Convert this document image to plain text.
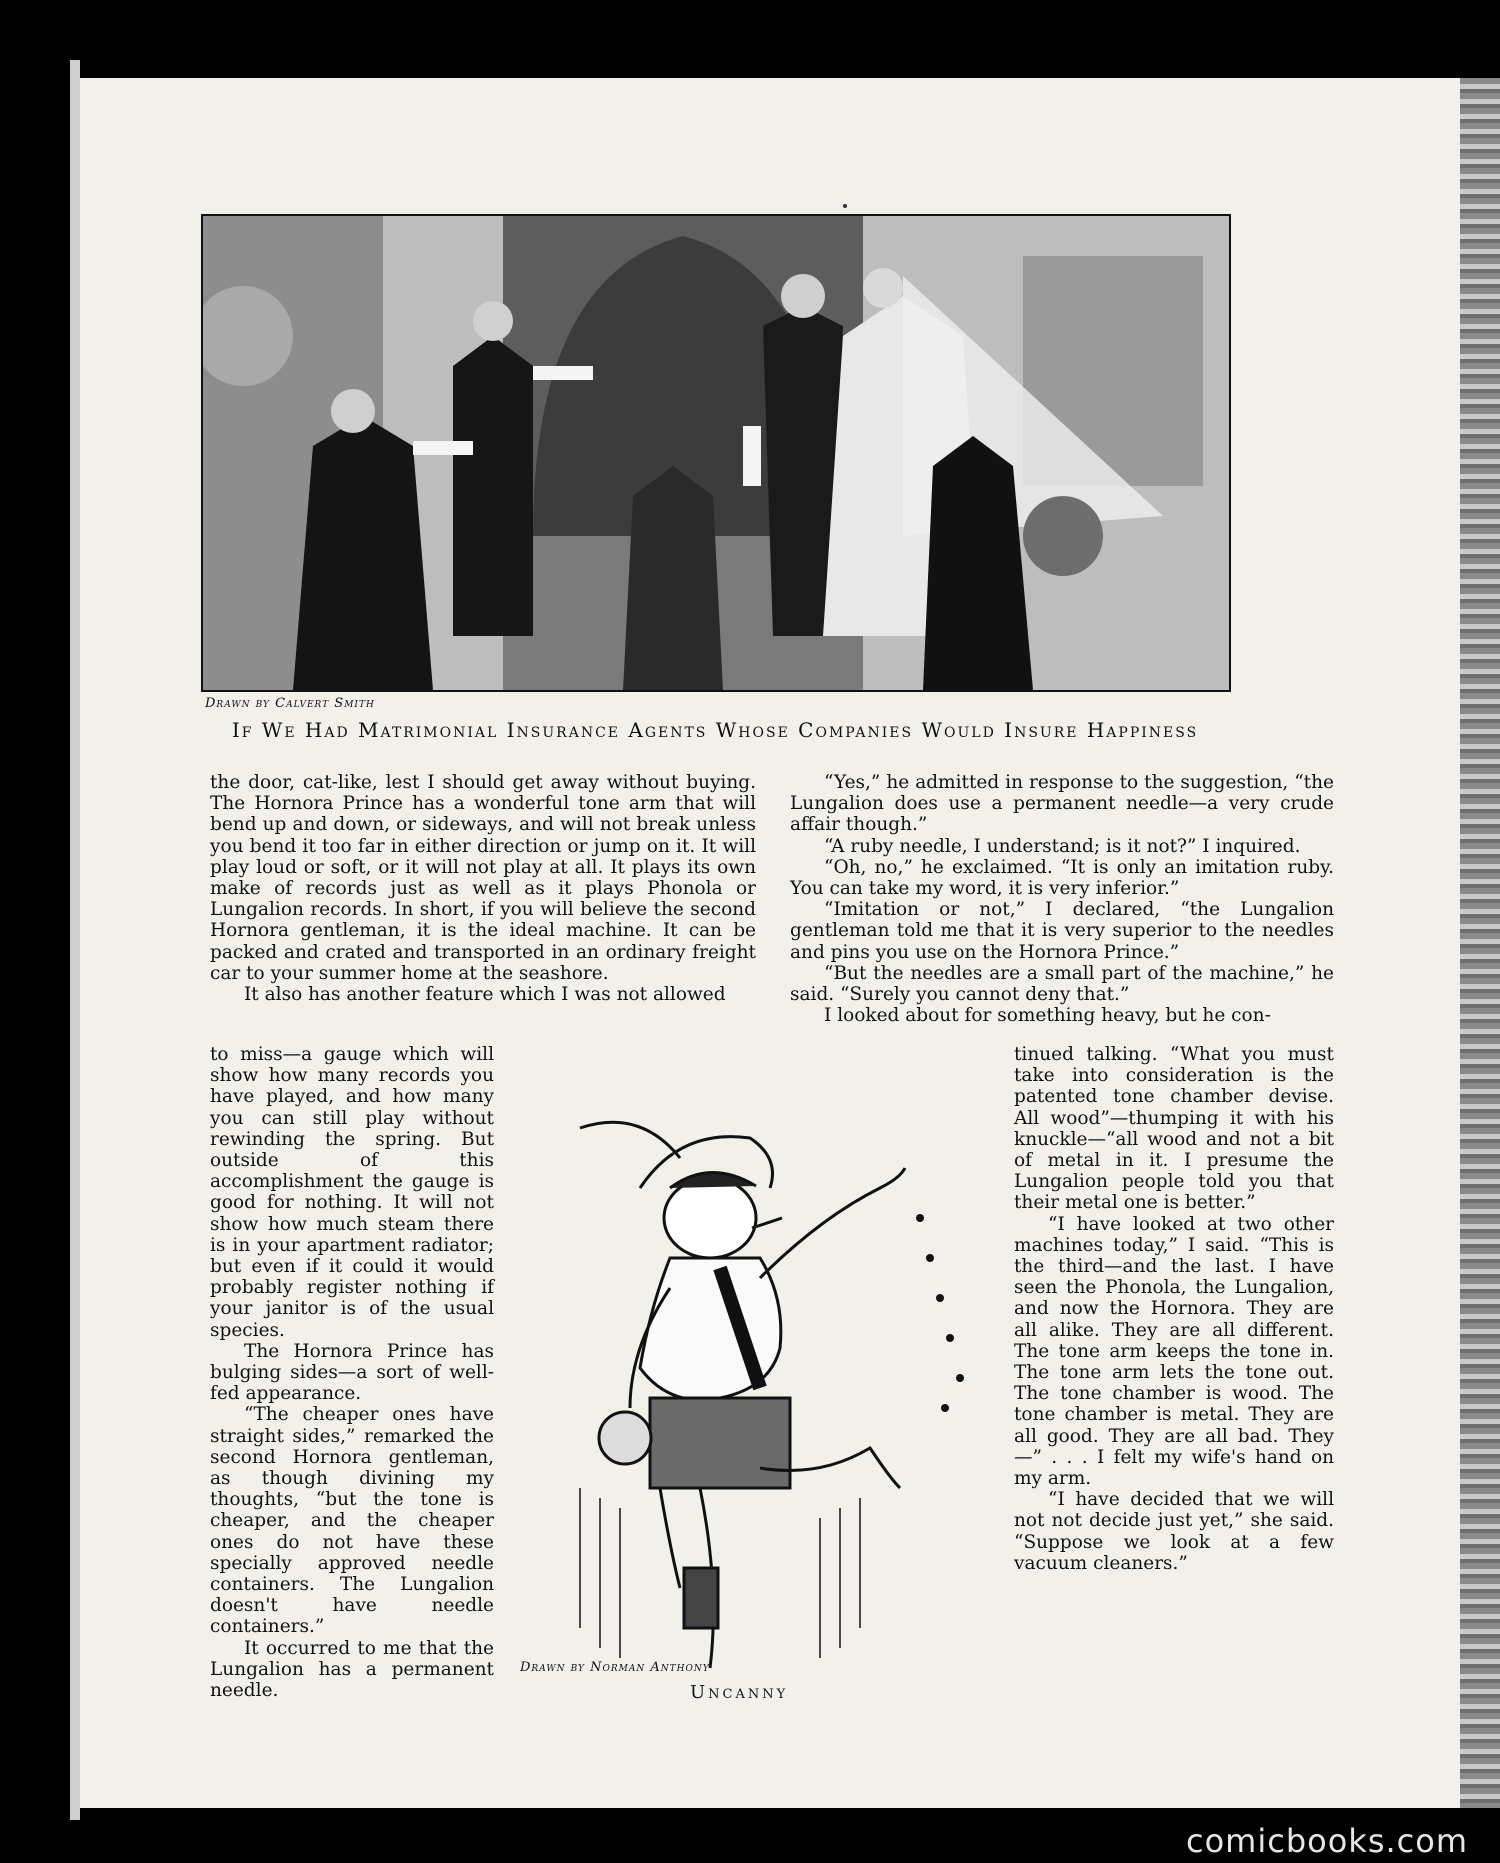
Drawn by Calvert Smith
If We Had Matrimonial Insurance Agents Whose Companies Would Insure Happiness

the door, cat-like, lest I should get away without buying. The Hornora Prince has a wonderful tone arm that will bend up and down, or sideways, and will not break unless you bend it too far in either direction or jump on it. It will play loud or soft, or it will not play at all. It plays its own make of records just as well as it plays Phonola or Lungalion records. In short, if you will believe the second Hornora gentleman, it is the ideal machine. It can be packed and crated and transported in an ordinary freight car to your summer home at the seashore.

It also has another feature which I was not allowed

to miss—a gauge which will show how many records you have played, and how many you can still play without rewinding the spring. But outside of this accomplishment the gauge is good for nothing. It will not show how much steam there is in your apartment radiator; but even if it could it would probably register nothing if your janitor is of the usual species.

The Hornora Prince has bulging sides—a sort of well-fed appearance.

“The cheaper ones have straight sides,” remarked the second Hornora gentleman, as though divining my thoughts, “but the tone is cheaper, and the cheaper ones do not have these specially approved needle containers. The Lungalion doesn't have needle containers.”

It occurred to me that the Lungalion has a permanent needle.

“Yes,” he admitted in response to the suggestion, “the Lungalion does use a permanent needle—a very crude affair though.”

“A ruby needle, I understand; is it not?” I inquired.

“Oh, no,” he exclaimed. “It is only an imitation ruby. You can take my word, it is very inferior.”

“Imitation or not,” I declared, “the Lungalion gentleman told me that it is very superior to the needles and pins you use on the Hornora Prince.”

“But the needles are a small part of the machine,” he said. “Surely you cannot deny that.”

I looked about for something heavy, but he con-

tinued talking. “What you must take into consideration is the patented tone chamber devise. All wood”—thumping it with his knuckle—“all wood and not a bit of metal in it. I presume the Lungalion people told you that their metal one is better.”

“I have looked at two other machines today,” I said. “This is the third—and the last. I have seen the Phonola, the Lungalion, and now the Hornora. They are all alike. They are all different. The tone arm keeps the tone in. The tone arm lets the tone out. The tone chamber is wood. The tone chamber is metal. They are all good. They are all bad. They—” . . . I felt my wife's hand on my arm.

“I have decided that we will not not decide just yet,” she said. “Suppose we look at a few vacuum cleaners.”

Drawn by Norman Anthony
Uncanny
comicbooks.com
